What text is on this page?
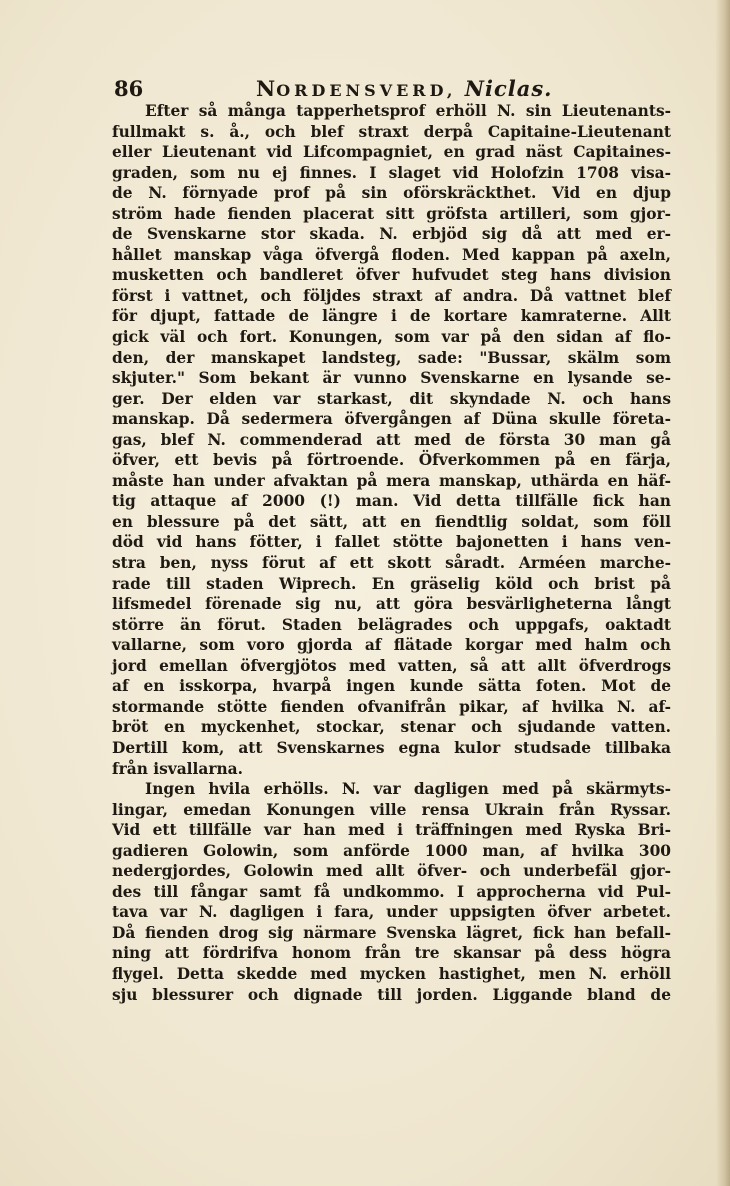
86	NORDENSVERD, Niclas.
Efter så många tapperhetsprof erhöll N. sin Lieutenants-
fullmakt s. å., och blef straxt derpå Capitaine-Lieutenant
eller Lieutenant vid Lifcompagniet, en grad näst Capitaines-
graden, som nu ej finnes. I slaget vid Holofzin 1708 visa-
de N. förnyade prof på sin oförskräckthet. Vid en djup
ström hade fienden placerat sitt gröfsta artilleri, som gjor-
de Svenskarne stor skada. N. erbjöd sig då att med er-
hållet manskap våga öfvergå floden. Med kappan på axeln,
musketten och bandleret öfver hufvudet steg hans division
först i vattnet, och följdes straxt af andra. Då vattnet blef
för djupt, fattade de längre i de kortare kamraterne. Allt
gick väl och fort. Konungen, som var på den sidan af flo-
den, der manskapet landsteg, sade: "Bussar, skälm som
skjuter." Som bekant är vunno Svenskarne en lysande se-
ger. Der elden var starkast, dit skyndade N. och hans
manskap. Då sedermera öfvergången af Düna skulle företa-
gas, blef N. commenderad att med de första 30 man gå
öfver, ett bevis på förtroende. Öfverkommen på en färja,
måste han under afvaktan på mera manskap, uthärda en häf-
tig attaque af 2000 (!) man. Vid detta tillfälle fick han
en blessure på det sätt, att en fiendtlig soldat, som föll
död vid hans fötter, i fallet stötte bajonetten i hans ven-
stra ben, nyss förut af ett skott såradt. Arméen marche-
rade till staden Wiprech. En gräselig köld och brist på
lifsmedel förenade sig nu, att göra besvärligheterna långt
större än förut. Staden belägrades och uppgafs, oaktadt
vallarne, som voro gjorda af flätade korgar med halm och
jord emellan öfvergjötos med vatten, så att allt öfverdrogs
af en isskorpa, hvarpå ingen kunde sätta foten. Mot de
stormande stötte fienden ofvanifrån pikar, af hvilka N. af-
bröt en myckenhet, stockar, stenar och sjudande vatten.
Dertill kom, att Svenskarnes egna kulor studsade tillbaka
från isvallarna.
Ingen hvila erhölls. N. var dagligen med på skärmyts-
lingar, emedan Konungen ville rensa Ukrain från Ryssar.
Vid ett tillfälle var han med i träffningen med Ryska Bri-
gadieren Golowin, som anförde 1000 man, af hvilka 300
nedergjordes, Golowin med allt öfver- och underbefäl gjor-
des till fångar samt få undkommo. I approcherna vid Pul-
tava var N. dagligen i fara, under uppsigten öfver arbetet.
Då fienden drog sig närmare Svenska lägret, fick han befall-
ning att fördrifva honom från tre skansar på dess högra
flygel. Detta skedde med mycken hastighet, men N. erhöll
sju blessurer och dignade till jorden. Liggande bland de
